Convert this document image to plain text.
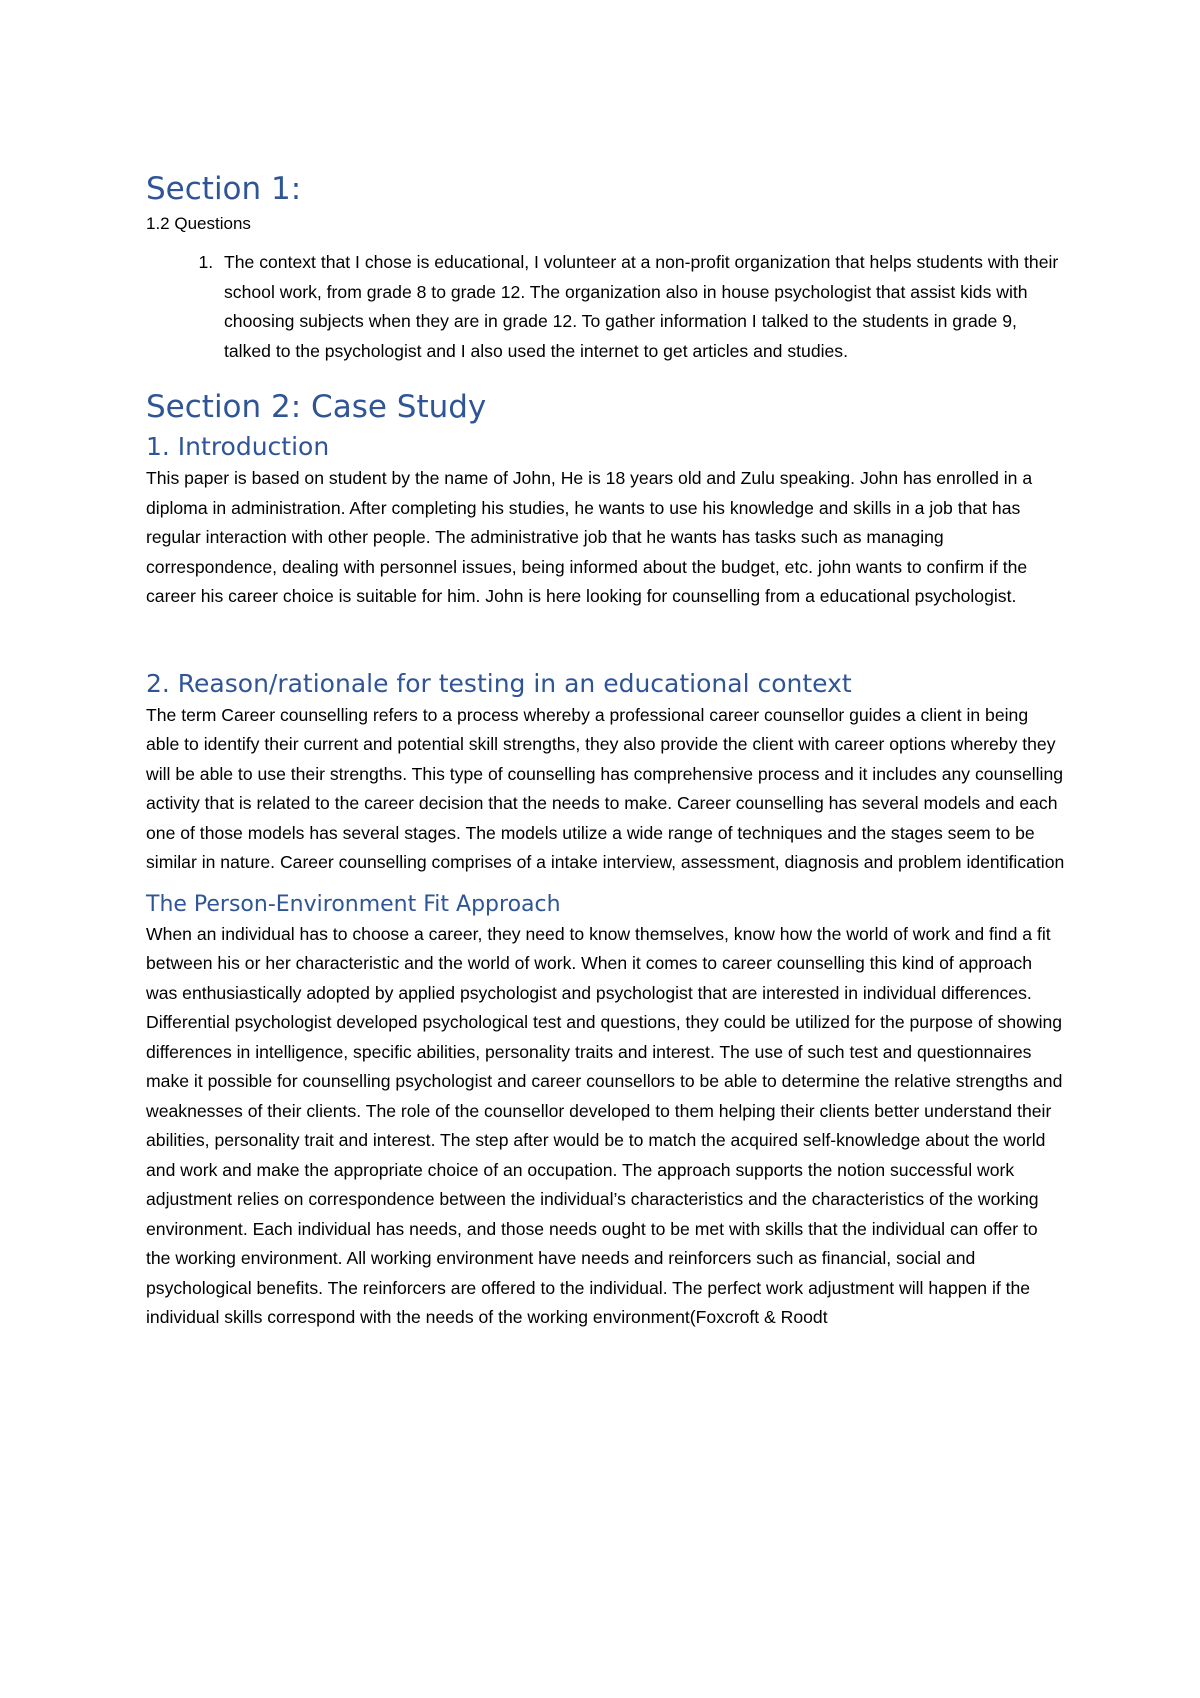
Section 1:

1.2 Questions

1. The context that I chose is educational, I volunteer at a non-profit organization that helps students with their school work, from grade 8 to grade 12. The organization also in house psychologist that assist kids with choosing subjects when they are in grade 12. To gather information I talked to the students in grade 9, talked to the psychologist and I also used the internet to get articles and studies.
Section 2: Case Study
1. Introduction

This paper is based on student by the name of John, He is 18 years old and Zulu speaking. John has enrolled in a diploma in administration. After completing his studies, he wants to use his knowledge and skills in a job that has regular interaction with other people. The administrative job that he wants has tasks such as managing correspondence, dealing with personnel issues, being informed about the budget, etc. john wants to confirm if the career his career choice is suitable for him. John is here looking for counselling from a educational psychologist.

2. Reason/rationale for testing in an educational context

The term Career counselling refers to a process whereby a professional career counsellor guides a client in being able to identify their current and potential skill strengths, they also provide the client with career options whereby they will be able to use their strengths. This type of counselling has comprehensive process and it includes any counselling activity that is related to the career decision that the needs to make. Career counselling has several models and each one of those models has several stages. The models utilize a wide range of techniques and the stages seem to be similar in nature. Career counselling comprises of a intake interview, assessment, diagnosis and problem identification

The Person-Environment Fit Approach

When an individual has to choose a career, they need to know themselves, know how the world of work and find a fit between his or her characteristic and the world of work. When it comes to career counselling this kind of approach was enthusiastically adopted by applied psychologist and psychologist that are interested in individual differences. Differential psychologist developed psychological test and questions, they could be utilized for the purpose of showing differences in intelligence, specific abilities, personality traits and interest. The use of such test and questionnaires make it possible for counselling psychologist and career counsellors to be able to determine the relative strengths and weaknesses of their clients. The role of the counsellor developed to them helping their clients better understand their abilities, personality trait and interest. The step after would be to match the acquired self-knowledge about the world and work and make the appropriate choice of an occupation. The approach supports the notion successful work adjustment relies on correspondence between the individual’s characteristics and the characteristics of the working environment. Each individual has needs, and those needs ought to be met with skills that the individual can offer to the working environment. All working environment have needs and reinforcers such as financial, social and psychological benefits. The reinforcers are offered to the individual. The perfect work adjustment will happen if the individual skills correspond with the needs of the working environment(Foxcroft & Roodt
